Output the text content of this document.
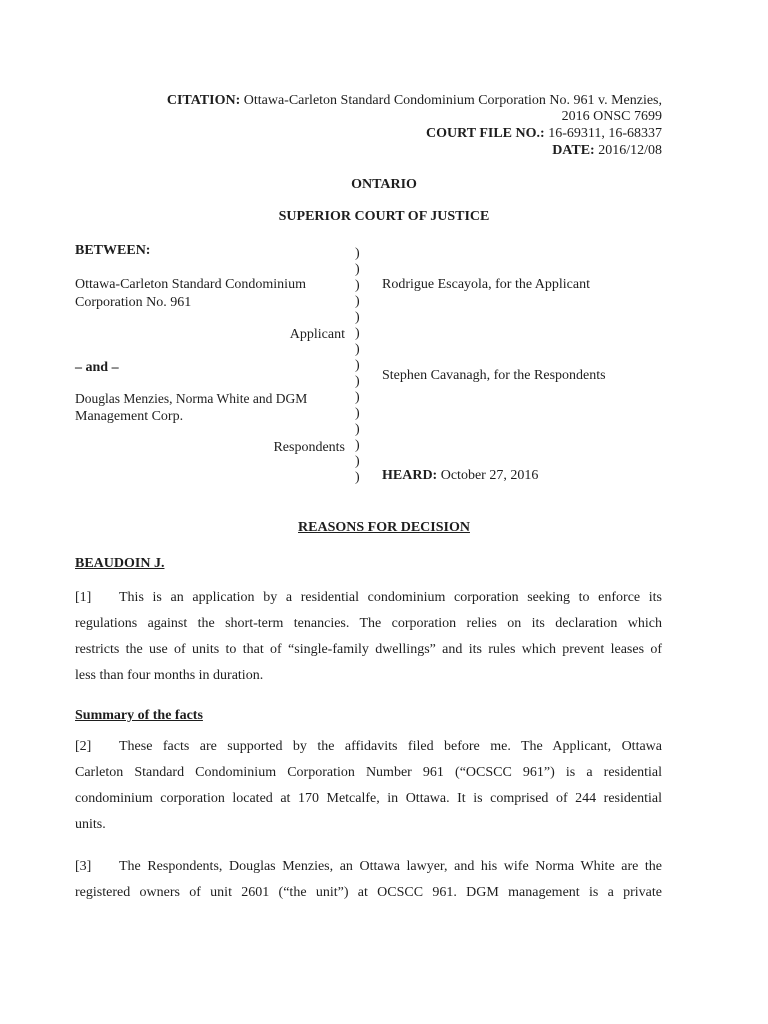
CITATION: Ottawa-Carleton Standard Condominium Corporation No. 961 v. Menzies,
2016 ONSC 7699
COURT FILE NO.: 16-69311, 16-68337
DATE: 2016/12/08
ONTARIO
SUPERIOR COURT OF JUSTICE
BETWEEN:
Ottawa-Carleton Standard Condominium
Corporation No. 961
Applicant
– and –
Douglas Menzies, Norma White and DGM
Management Corp.
Respondents
)
)
)
)
)
)
)
)
)
)
)
)
)
)
)
Rodrigue Escayola, for the Applicant
Stephen Cavanagh, for the Respondents
HEARD: October 27, 2016
REASONS FOR DECISION
BEAUDOIN J.
[1] This is an application by a residential condominium corporation seeking to enforce its
regulations against the short-term tenancies. The corporation relies on its declaration which
restricts the use of units to that of “single-family dwellings” and its rules which prevent leases of
less than four months in duration.
Summary of the facts
[2] These facts are supported by the affidavits filed before me. The Applicant, Ottawa
Carleton Standard Condominium Corporation Number 961 (“OCSCC 961”) is a residential
condominium corporation located at 170 Metcalfe, in Ottawa. It is comprised of 244 residential
units.
[3] The Respondents, Douglas Menzies, an Ottawa lawyer, and his wife Norma White are the
registered owners of unit 2601 (“the unit”) at OCSCC 961. DGM management is a private
